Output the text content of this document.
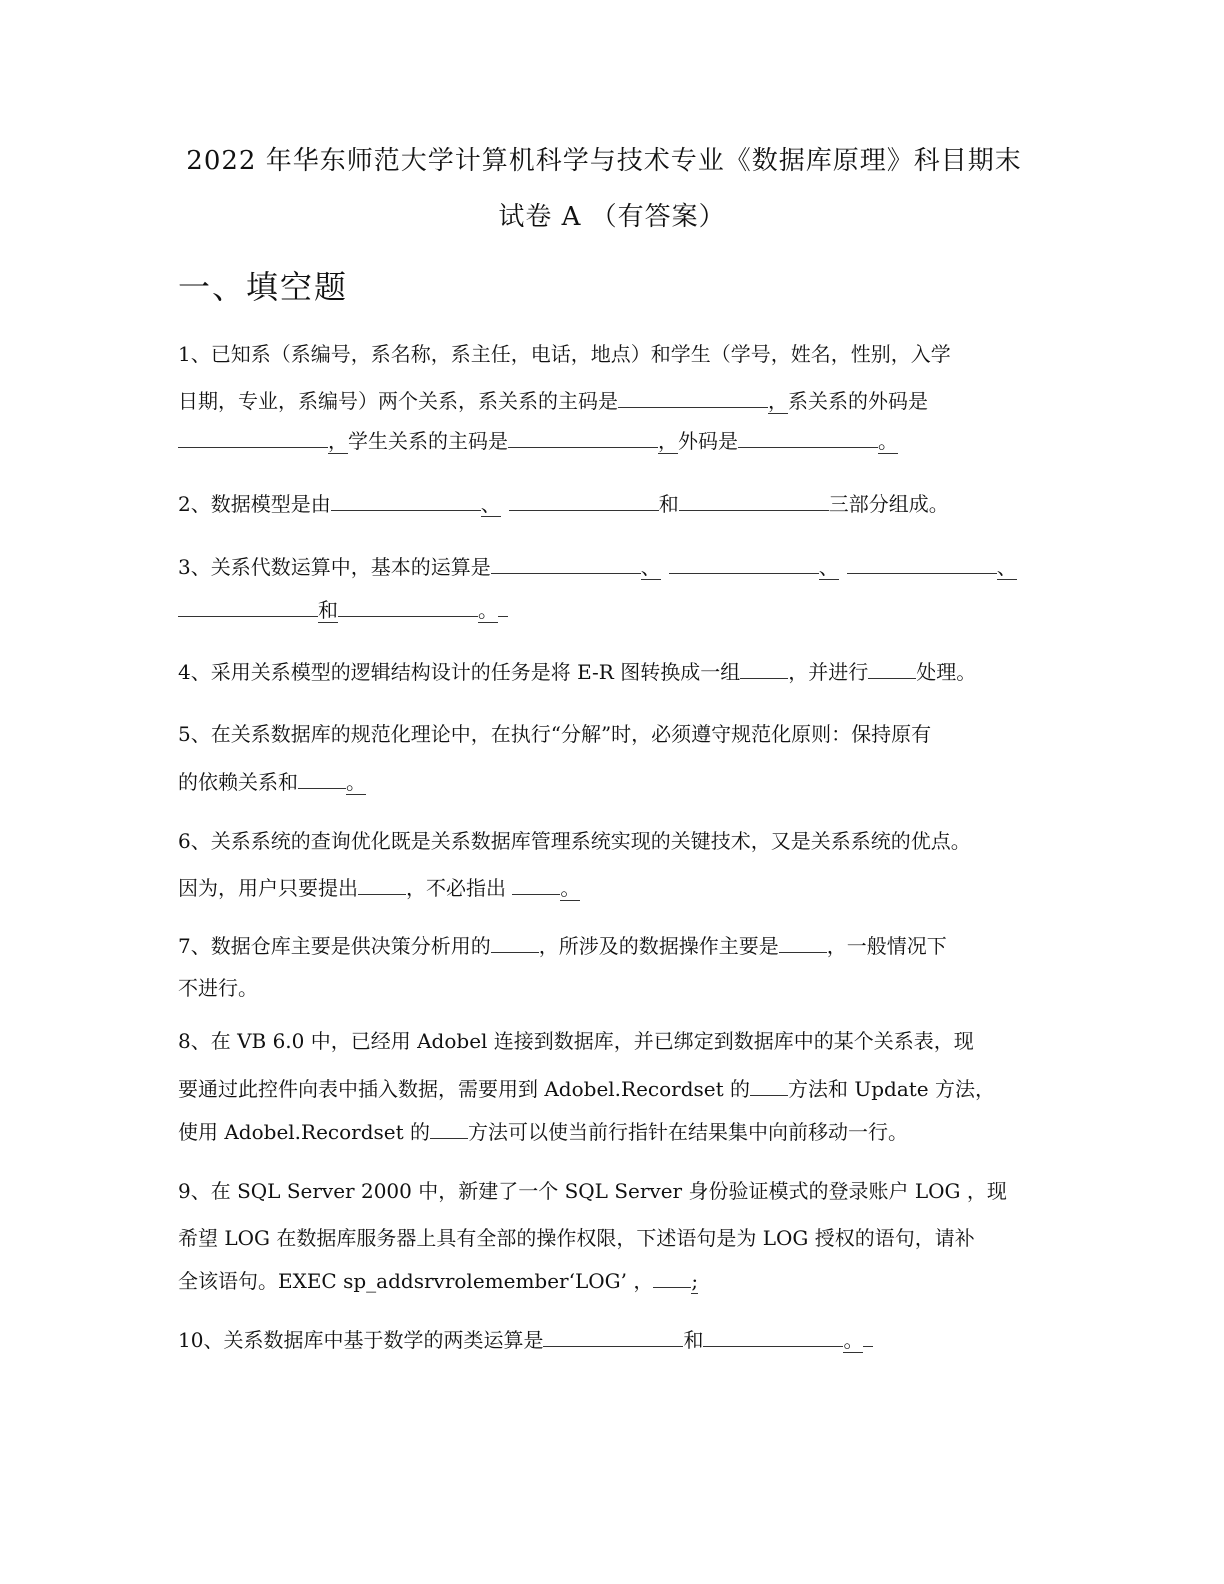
2022 年华东师范大学计算机科学与技术专业《数据库原理》科目期末
试卷 A （有答案）
一、填空题
1、已知系（系编号，系名称，系主任，电话，地点）和学生（学号，姓名，性别，入学
日期，专业，系编号）两个关系，系关系的主码是	，系关系的外码是
，学生关系的主码是	，外码是	。
2、数据模型是由	、	和	三部分组成。
3、关系代数运算中，基本的运算是	、	、	、
和	。
4、采用关系模型的逻辑结构设计的任务是将 E-R 图转换成一组 ，并进行 处理。
5、在关系数据库的规范化理论中，在执行“分解”时，必须遵守规范化原则：保持原有
的依赖关系和 。
6、关系系统的查询优化既是关系数据库管理系统实现的关键技术，又是关系系统的优点。
因为，用户只要提出 ，不必指出 。
7、数据仓库主要是供决策分析用的 ，所涉及的数据操作主要是 ，一般情况下
不进行。
8、在 VB 6.0 中，已经用 Adobel 连接到数据库，并已绑定到数据库中的某个关系表，现
要通过此控件向表中插入数据，需要用到 Adobel.Recordset 的 方法和 Update 方法，
使用 Adobel.Recordset 的 方法可以使当前行指针在结果集中向前移动一行。
9、在 SQL Server 2000 中，新建了一个 SQL Server 身份验证模式的登录账户 LOG ，现
希望 LOG 在数据库服务器上具有全部的操作权限，下述语句是为 LOG 授权的语句，请补
全该语句。EXEC sp_addsrvrolemember‘LOG’ ， ;
10、关系数据库中基于数学的两类运算是	和	。
